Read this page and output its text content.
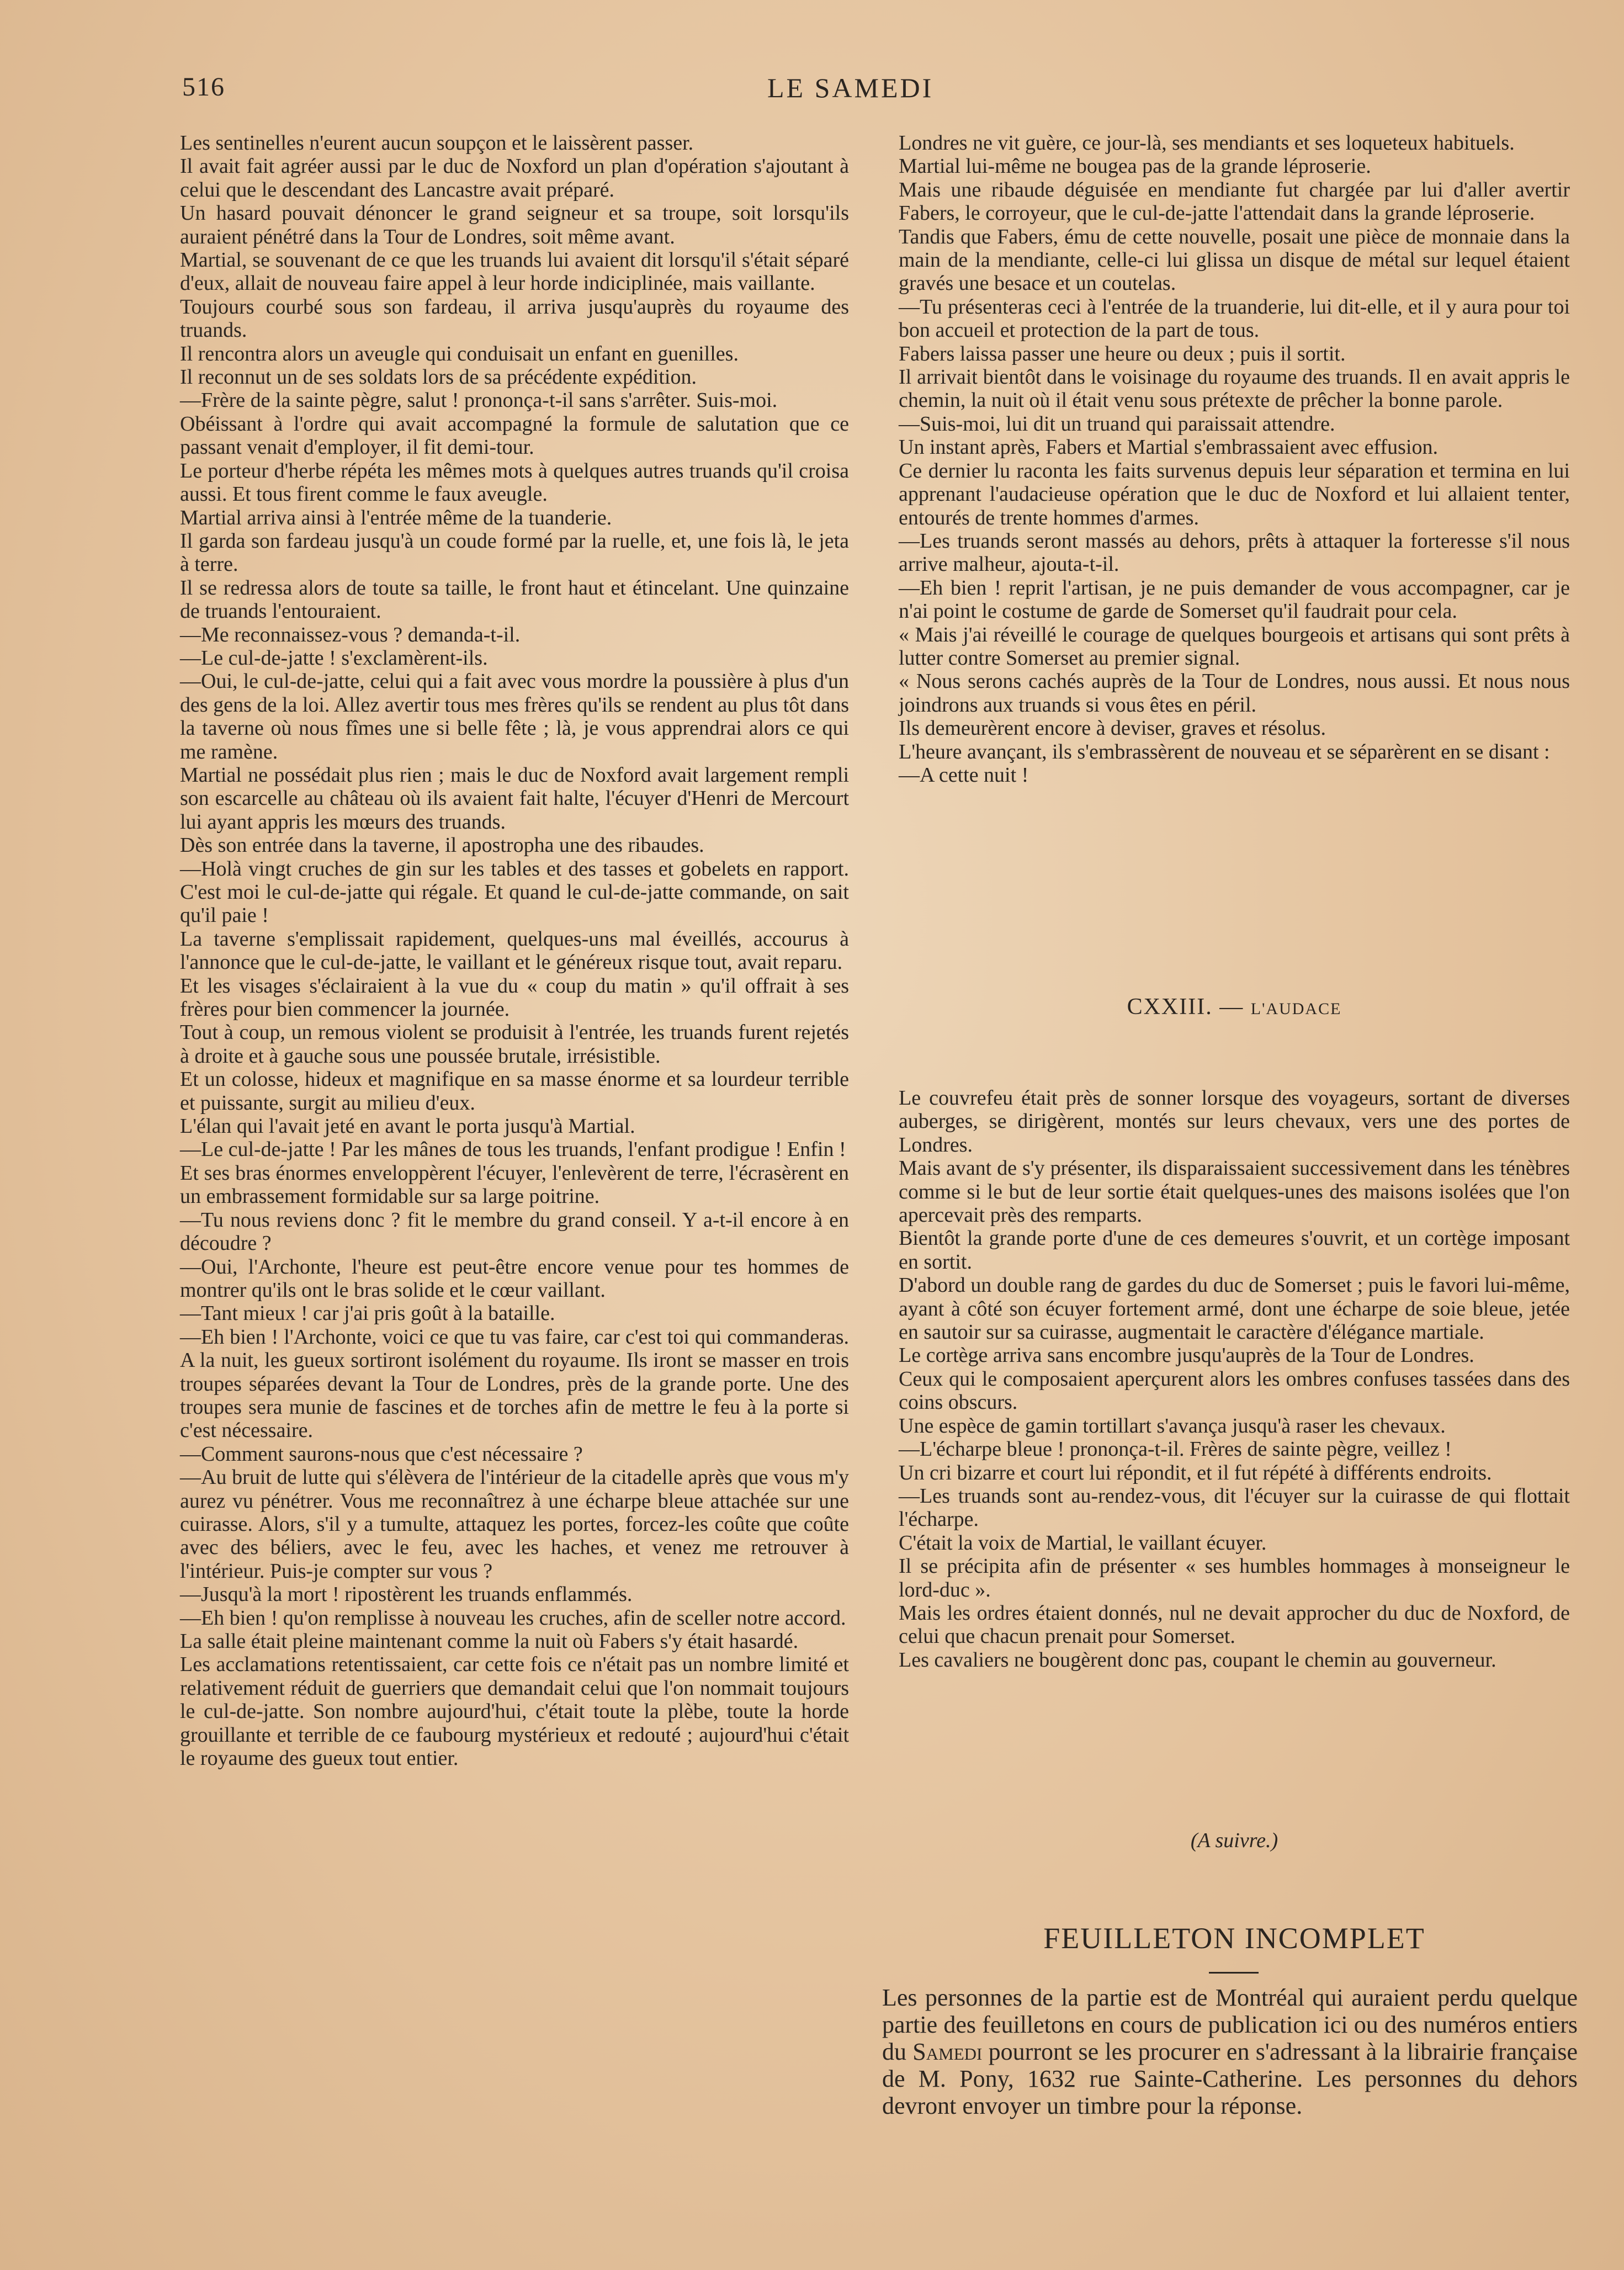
516	LE SAMEDI

Les sentinelles n'eurent aucun soupçon et le laissèrent passer.

Il avait fait agréer aussi par le duc de Noxford un plan d'opération s'ajoutant à celui que le descendant des Lancastre avait préparé.

Un hasard pouvait dénoncer le grand seigneur et sa troupe, soit lorsqu'ils auraient pénétré dans la Tour de Londres, soit même avant.

Martial, se souvenant de ce que les truands lui avaient dit lorsqu'il s'était séparé d'eux, allait de nouveau faire appel à leur horde indiciplinée, mais vaillante.

Toujours courbé sous son fardeau, il arriva jusqu'auprès du royaume des truands.

Il rencontra alors un aveugle qui conduisait un enfant en guenilles.

Il reconnut un de ses soldats lors de sa précédente expédition.

—Frère de la sainte pègre, salut ! prononça-t-il sans s'arrêter. Suis-moi.

Obéissant à l'ordre qui avait accompagné la formule de salutation que ce passant venait d'employer, il fit demi-tour.

Le porteur d'herbe répéta les mêmes mots à quelques autres truands qu'il croisa aussi. Et tous firent comme le faux aveugle.

Martial arriva ainsi à l'entrée même de la tuanderie.

Il garda son fardeau jusqu'à un coude formé par la ruelle, et, une fois là, le jeta à terre.

Il se redressa alors de toute sa taille, le front haut et étincelant. Une quinzaine de truands l'entouraient.

—Me reconnaissez-vous ? demanda-t-il.

—Le cul-de-jatte ! s'exclamèrent-ils.

—Oui, le cul-de-jatte, celui qui a fait avec vous mordre la poussière à plus d'un des gens de la loi. Allez avertir tous mes frères qu'ils se rendent au plus tôt dans la taverne où nous fîmes une si belle fête ; là, je vous apprendrai alors ce qui me ramène.

Martial ne possédait plus rien ; mais le duc de Noxford avait largement rempli son escarcelle au château où ils avaient fait halte, l'écuyer d'Henri de Mercourt lui ayant appris les mœurs des truands.

Dès son entrée dans la taverne, il apostropha une des ribaudes.

—Holà vingt cruches de gin sur les tables et des tasses et gobelets en rapport. C'est moi le cul-de-jatte qui régale. Et quand le cul-de-jatte commande, on sait qu'il paie !

La taverne s'emplissait rapidement, quelques-uns mal éveillés, accourus à l'annonce que le cul-de-jatte, le vaillant et le généreux risque tout, avait reparu.

Et les visages s'éclairaient à la vue du « coup du matin » qu'il offrait à ses frères pour bien commencer la journée.

Tout à coup, un remous violent se produisit à l'entrée, les truands furent rejetés à droite et à gauche sous une poussée brutale, irrésistible.

Et un colosse, hideux et magnifique en sa masse énorme et sa lourdeur terrible et puissante, surgit au milieu d'eux.

L'élan qui l'avait jeté en avant le porta jusqu'à Martial.

—Le cul-de-jatte ! Par les mânes de tous les truands, l'enfant prodigue ! Enfin !

Et ses bras énormes enveloppèrent l'écuyer, l'enlevèrent de terre, l'écrasèrent en un embrassement formidable sur sa large poitrine.

—Tu nous reviens donc ? fit le membre du grand conseil. Y a-t-il encore à en découdre ?

—Oui, l'Archonte, l'heure est peut-être encore venue pour tes hommes de montrer qu'ils ont le bras solide et le cœur vaillant.

—Tant mieux ! car j'ai pris goût à la bataille.

—Eh bien ! l'Archonte, voici ce que tu vas faire, car c'est toi qui commanderas. A la nuit, les gueux sortiront isolément du royaume. Ils iront se masser en trois troupes séparées devant la Tour de Londres, près de la grande porte. Une des troupes sera munie de fascines et de torches afin de mettre le feu à la porte si c'est nécessaire.

—Comment saurons-nous que c'est nécessaire ?

—Au bruit de lutte qui s'élèvera de l'intérieur de la citadelle après que vous m'y aurez vu pénétrer. Vous me reconnaîtrez à une écharpe bleue attachée sur une cuirasse. Alors, s'il y a tumulte, attaquez les portes, forcez-les coûte que coûte avec des béliers, avec le feu, avec les haches, et venez me retrouver à l'intérieur. Puis-je compter sur vous ?

—Jusqu'à la mort ! ripostèrent les truands enflammés.

—Eh bien ! qu'on remplisse à nouveau les cruches, afin de sceller notre accord.

La salle était pleine maintenant comme la nuit où Fabers s'y était hasardé.

Les acclamations retentissaient, car cette fois ce n'était pas un nombre limité et relativement réduit de guerriers que demandait celui que l'on nommait toujours le cul-de-jatte. Son nombre aujourd'hui, c'était toute la plèbe, toute la horde grouillante et terrible de ce faubourg mystérieux et redouté ; aujourd'hui c'était le royaume des gueux tout entier.

Londres ne vit guère, ce jour-là, ses mendiants et ses loqueteux habituels.

Martial lui-même ne bougea pas de la grande léproserie.

Mais une ribaude déguisée en mendiante fut chargée par lui d'aller avertir Fabers, le corroyeur, que le cul-de-jatte l'attendait dans la grande léproserie.

Tandis que Fabers, ému de cette nouvelle, posait une pièce de monnaie dans la main de la mendiante, celle-ci lui glissa un disque de métal sur lequel étaient gravés une besace et un coutelas.

—Tu présenteras ceci à l'entrée de la truanderie, lui dit-elle, et il y aura pour toi bon accueil et protection de la part de tous.

Fabers laissa passer une heure ou deux ; puis il sortit.

Il arrivait bientôt dans le voisinage du royaume des truands. Il en avait appris le chemin, la nuit où il était venu sous prétexte de prêcher la bonne parole.

—Suis-moi, lui dit un truand qui paraissait attendre.

Un instant après, Fabers et Martial s'embrassaient avec effusion.

Ce dernier lu raconta les faits survenus depuis leur séparation et termina en lui apprenant l'audacieuse opération que le duc de Noxford et lui allaient tenter, entourés de trente hommes d'armes.

—Les truands seront massés au dehors, prêts à attaquer la forteresse s'il nous arrive malheur, ajouta-t-il.

—Eh bien ! reprit l'artisan, je ne puis demander de vous accompagner, car je n'ai point le costume de garde de Somerset qu'il faudrait pour cela.

« Mais j'ai réveillé le courage de quelques bourgeois et artisans qui sont prêts à lutter contre Somerset au premier signal.

« Nous serons cachés auprès de la Tour de Londres, nous aussi. Et nous nous joindrons aux truands si vous êtes en péril.

Ils demeurèrent encore à deviser, graves et résolus.

L'heure avançant, ils s'embrassèrent de nouveau et se séparèrent en se disant :

—A cette nuit !

CXXIII. — L'AUDACE

Le couvrefeu était près de sonner lorsque des voyageurs, sortant de diverses auberges, se dirigèrent, montés sur leurs chevaux, vers une des portes de Londres.

Mais avant de s'y présenter, ils disparaissaient successivement dans les ténèbres comme si le but de leur sortie était quelques-unes des maisons isolées que l'on apercevait près des remparts.

Bientôt la grande porte d'une de ces demeures s'ouvrit, et un cortège imposant en sortit.

D'abord un double rang de gardes du duc de Somerset ; puis le favori lui-même, ayant à côté son écuyer fortement armé, dont une écharpe de soie bleue, jetée en sautoir sur sa cuirasse, augmentait le caractère d'élégance martiale.

Le cortège arriva sans encombre jusqu'auprès de la Tour de Londres.

Ceux qui le composaient aperçurent alors les ombres confuses tassées dans des coins obscurs.

Une espèce de gamin tortillart s'avança jusqu'à raser les chevaux.

—L'écharpe bleue ! prononça-t-il. Frères de sainte pègre, veillez !

Un cri bizarre et court lui répondit, et il fut répété à différents endroits.

—Les truands sont au-rendez-vous, dit l'écuyer sur la cuirasse de qui flottait l'écharpe.

C'était la voix de Martial, le vaillant écuyer.

Il se précipita afin de présenter « ses humbles hommages à monseigneur le lord-duc ».

Mais les ordres étaient donnés, nul ne devait approcher du duc de Noxford, de celui que chacun prenait pour Somerset.

Les cavaliers ne bougèrent donc pas, coupant le chemin au gouverneur.

(A suivre.)
FEUILLETON INCOMPLET
Les personnes de la partie est de Montréal qui auraient perdu quelque partie des feuilletons en cours de publication ici ou des numéros entiers du Samedi pourront se les procurer en s'adressant à la librairie française de M. Pony, 1632 rue Sainte-Catherine. Les personnes du dehors devront envoyer un timbre pour la réponse.
